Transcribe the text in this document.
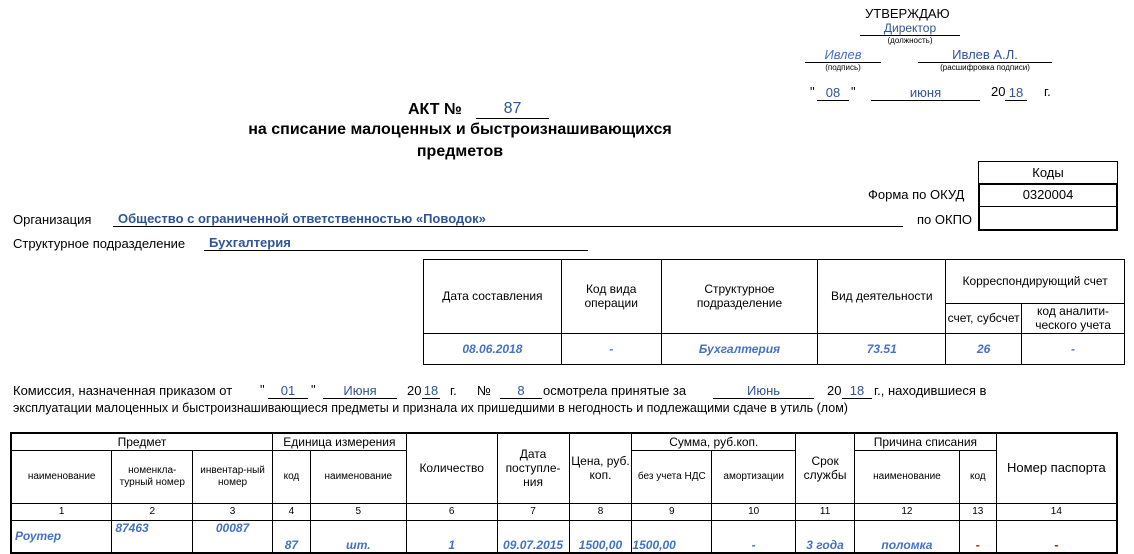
УТВЕРЖДАЮ
Директор
(должность)
Ивлев
(подпись)
Ивлев А.Л.
(расшифровка подписи)
" 08 "	июня	20 18 г.
АКТ №	87
на списание малоценных и быстроизнашивающихся
предметов
Коды
0320004
Форма по ОКУД
по ОКПО
Организация	Общество с ограниченной ответственностью «Поводок»
Структурное подразделение	Бухгалтерия
Дата составления	Код вида операции	Структурное подразделение	Вид деятельности	Корреспондирующий счет	
				счет, субсчет	код аналити-ческого учета
08.06.2018	-	Бухгалтерия	73.51	26	-
Комиссия, назначенная приказом от "	01	"	Июня	20 18 г. №	8	осмотрела принятые за	Июнь	20 18 г., находившиеся в
эксплуатации малоценных и быстроизнашивающиеся предметы и признала их пришедшими в негодность и подлежащими сдаче в утиль (лом)
Предмет			Единица измерения		Количество	Дата поступле-ния	Цена, руб. коп.	Сумма, руб.коп.		Срок службы	Причина списания		Номер паспорта
наименование	номенкла-турный номер	инвентар-ный номер	код	наименование				без учета НДС	амортизации		наименование	код	
1	2	3	4	5	6	7	8	9	10	11	12	13	14
Роутер	87463	00087	87	шт.	1	09.07.2015	1500,00	1500,00	-	3 года	поломка	-	-
